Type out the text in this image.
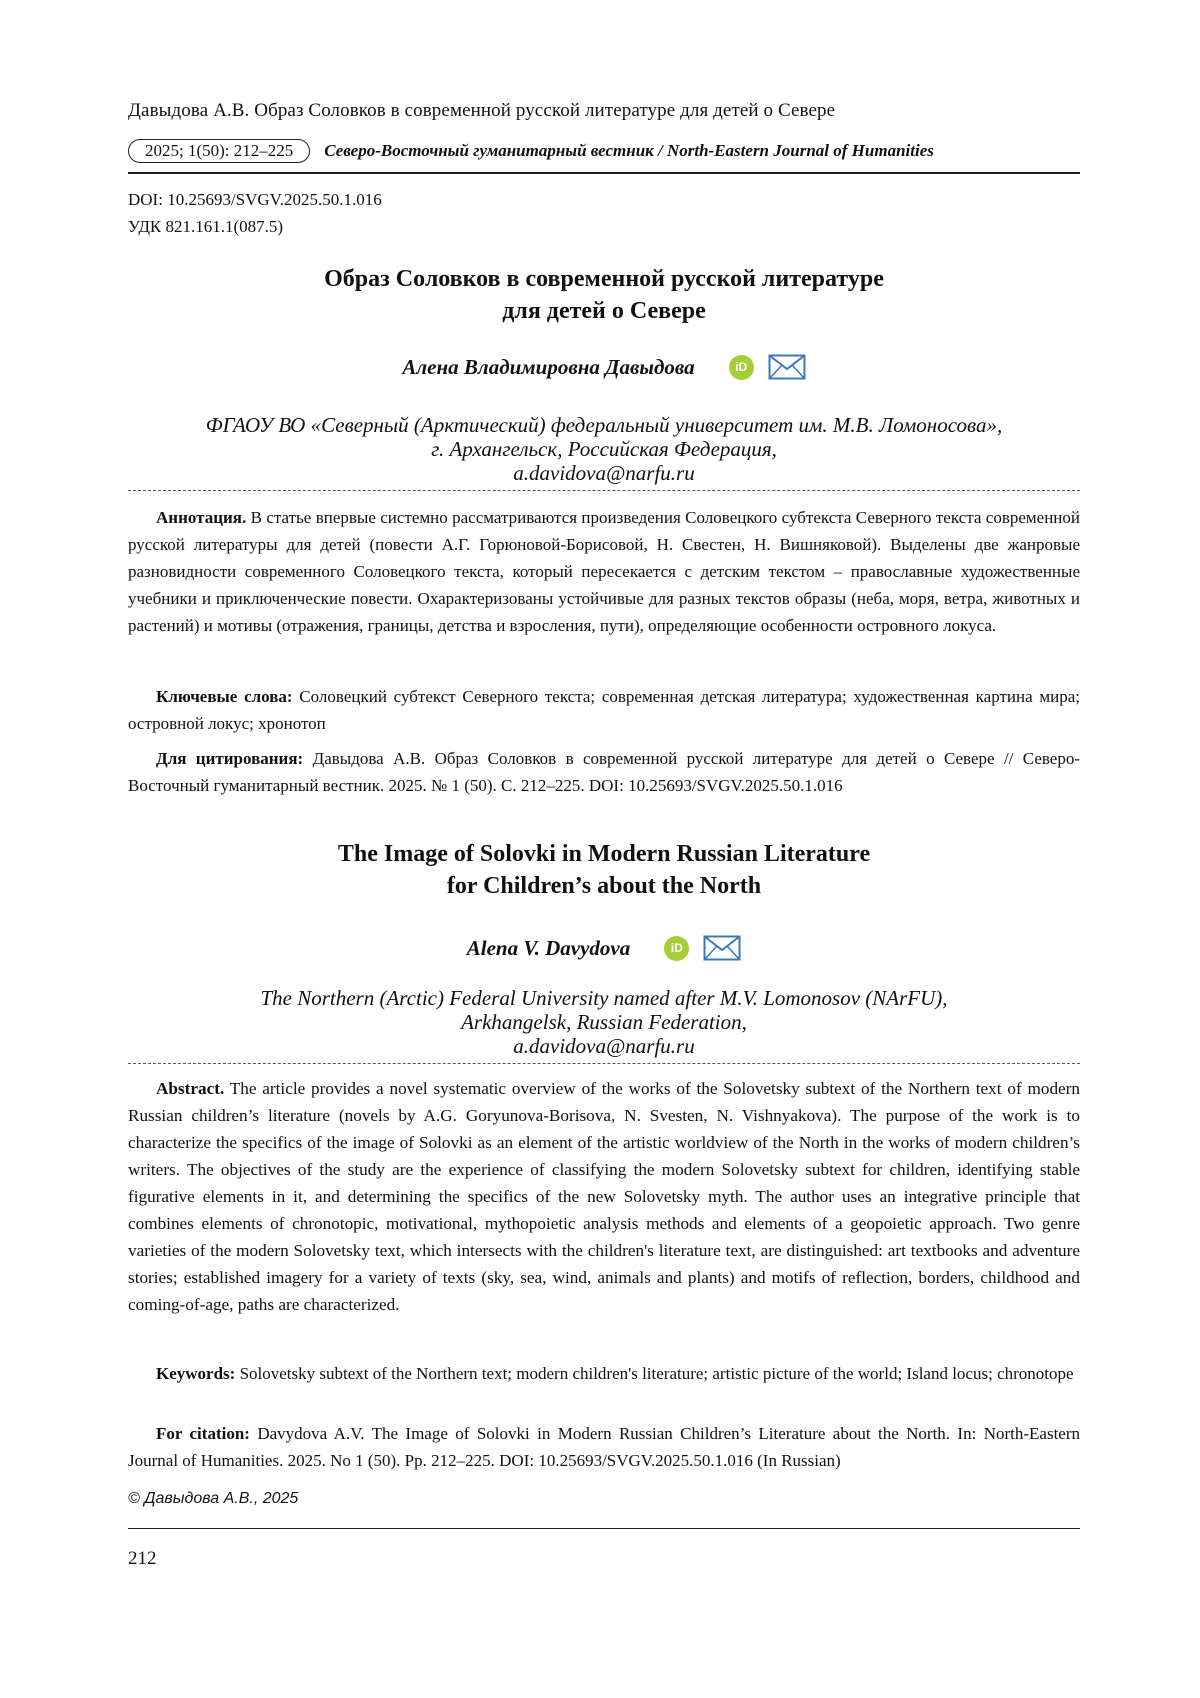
Давыдова А.В. Образ Соловков в современной русской литературе для детей о Севере
2025; 1(50): 212–225	Северо-Восточный гуманитарный вестник / North-Eastern Journal of Humanities
DOI: 10.25693/SVGV.2025.50.1.016
УДК 821.161.1(087.5)
Образ Соловков в современной русской литературе
для детей о Севере
Алена Владимировна Давыдова	iD
ФГАОУ ВО «Северный (Арктический) федеральный университет им. М.В. Ломоносова»,
г. Архангельск, Российская Федерация,
a.davidova@narfu.ru
Аннотация. В статье впервые системно рассматриваются произведения Соловецкого субтекста Северного текста современной русской литературы для детей (повести А.Г. Горюновой-Борисовой, Н. Свестен, Н. Вишняковой). Выделены две жанровые разновидности современного Соловецкого текста, который пересекается с детским текстом – православные художественные учебники и приключенческие повести. Охарактеризованы устойчивые для разных текстов образы (неба, моря, ветра, животных и растений) и мотивы (отражения, границы, детства и взросления, пути), определяющие особенности островного локуса.
Ключевые слова: Соловецкий субтекст Северного текста; современная детская литература; художественная картина мира; островной локус; хронотоп
Для цитирования: Давыдова А.В. Образ Соловков в современной русской литературе для детей о Севере // Северо-Восточный гуманитарный вестник. 2025. № 1 (50). С. 212–225. DOI: 10.25693/SVGV.2025.50.1.016
The Image of Solovki in Modern Russian Literature
for Children’s about the North
Alena V. Davydova	iD
The Northern (Arctic) Federal University named after M.V. Lomonosov (NArFU),
Arkhangelsk, Russian Federation,
a.davidova@narfu.ru
Abstract. The article provides a novel systematic overview of the works of the Solovetsky subtext of the Northern text of modern Russian children’s literature (novels by A.G. Goryunova-Borisova, N. Svesten, N. Vishnyakova). The purpose of the work is to characterize the specifics of the image of Solovki as an element of the artistic worldview of the North in the works of modern children’s writers. The objectives of the study are the experience of classifying the modern Solovetsky subtext for children, identifying stable figurative elements in it, and determining the specifics of the new Solovetsky myth. The author uses an integrative principle that combines elements of chronotopic, motivational, mythopoietic analysis methods and elements of a geopoietic approach. Two genre varieties of the modern Solovetsky text, which intersects with the children's literature text, are distinguished: art textbooks and adventure stories; established imagery for a variety of texts (sky, sea, wind, animals and plants) and motifs of reflection, borders, childhood and coming-of-age, paths are characterized.
Keywords: Solovetsky subtext of the Northern text; modern children's literature; artistic picture of the world; Island locus; chronotope
For citation: Davydova A.V. The Image of Solovki in Modern Russian Children’s Literature about the North. In: North-Eastern Journal of Humanities. 2025. No 1 (50). Pp. 212–225. DOI: 10.25693/SVGV.2025.50.1.016 (In Russian)
© Давыдова А.В., 2025
212
